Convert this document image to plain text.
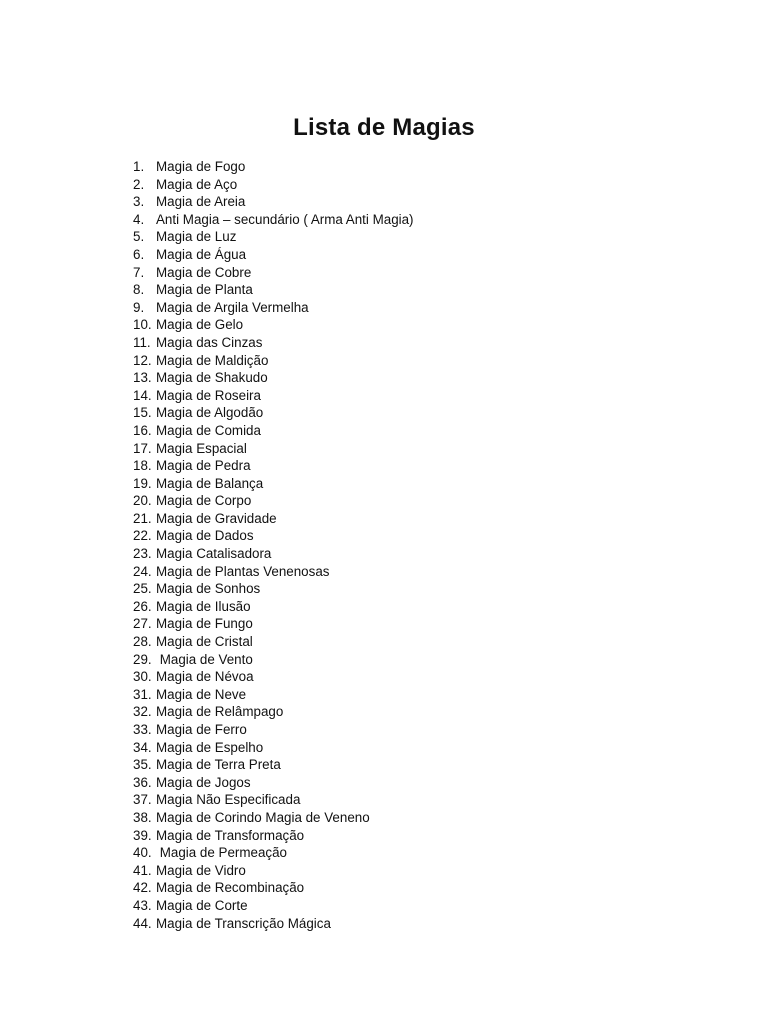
Lista de Magias
1. Magia de Fogo
2. Magia de Aço
3. Magia de Areia
4. Anti Magia – secundário ( Arma Anti Magia)
5. Magia de Luz
6. Magia de Água
7. Magia de Cobre
8. Magia de Planta
9. Magia de Argila Vermelha
10. Magia de Gelo
11. Magia das Cinzas
12. Magia de Maldição
13. Magia de Shakudo
14. Magia de Roseira
15. Magia de Algodão
16. Magia de Comida
17. Magia Espacial
18. Magia de Pedra
19. Magia de Balança
20. Magia de Corpo
21. Magia de Gravidade
22. Magia de Dados
23. Magia Catalisadora
24. Magia de Plantas Venenosas
25. Magia de Sonhos
26. Magia de Ilusão
27. Magia de Fungo
28. Magia de Cristal
29. Magia de Vento
30. Magia de Névoa
31. Magia de Neve
32. Magia de Relâmpago
33. Magia de Ferro
34. Magia de Espelho
35. Magia de Terra Preta
36. Magia de Jogos
37. Magia Não Especificada
38. Magia de Corindo Magia de Veneno
39. Magia de Transformação
40. Magia de Permeação
41. Magia de Vidro
42. Magia de Recombinação
43. Magia de Corte
44. Magia de Transcrição Mágica
